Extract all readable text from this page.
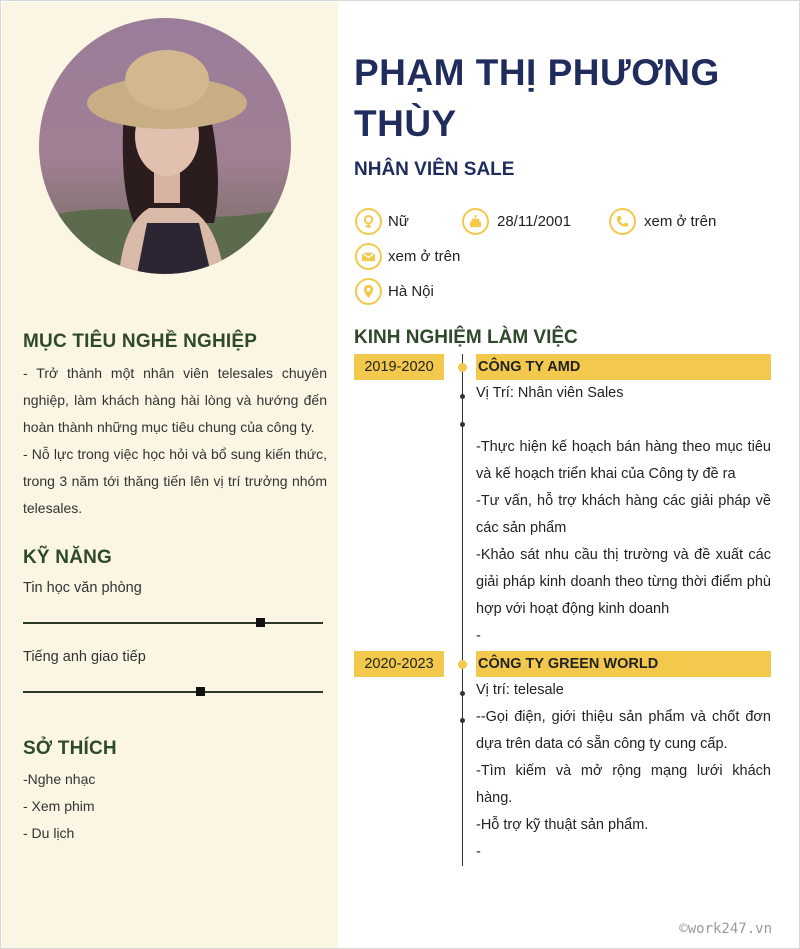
MỤC TIÊU NGHỀ NGHIỆP

- Trở thành một nhân viên telesales chuyên nghiệp, làm khách hàng hài lòng và hướng đến hoàn thành những mục tiêu chung của công ty.

- Nỗ lực trong việc học hỏi và bổ sung kiến thức, trong 3 năm tới thăng tiến lên vị trí trưởng nhóm telesales.

KỸ NĂNG
Tin học văn phòng
Tiếng anh giao tiếp
SỞ THÍCH
-Nghe nhạc
- Xem phim
- Du lịch
PHẠM THỊ PHƯƠNG THÙY
NHÂN VIÊN SALE
Nữ	28/11/2001	xem ở trên
xem ở trên
Hà Nội
KINH NGHIỆM LÀM VIỆC
2019-2020	CÔNG TY AMD
Vị Trí: Nhân viên Sales

-Thực hiện kế hoạch bán hàng theo mục tiêu và kế hoạch triển khai của Công ty đề ra

-Tư vấn, hỗ trợ khách hàng các giải pháp về các sản phẩm

-Khảo sát nhu cầu thị trường và đề xuất các giải pháp kinh doanh theo từng thời điểm phù hợp với hoạt động kinh doanh

-

2020-2023	CÔNG TY GREEN WORLD
Vị trí: telesale

--Gọi điện, giới thiệu sản phẩm và chốt đơn dựa trên data có sẵn công ty cung cấp.

-Tìm kiếm và mở rộng mạng lưới khách hàng.

-Hỗ trợ kỹ thuật sản phẩm.

-

©work247.vn
